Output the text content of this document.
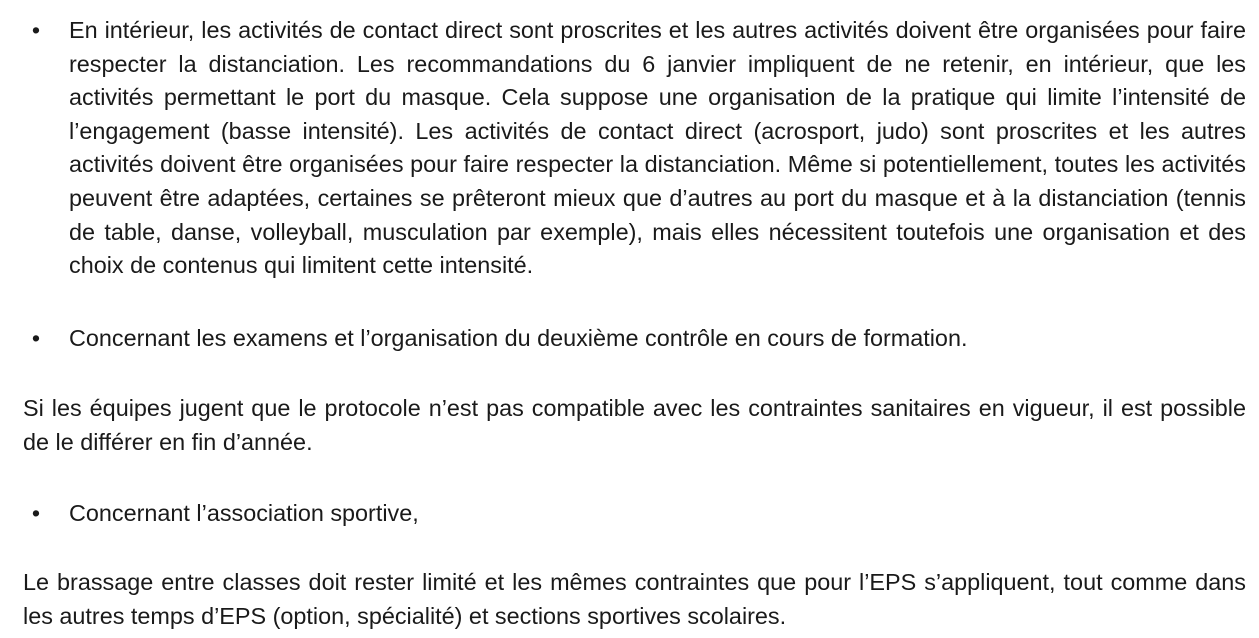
• En intérieur, les activités de contact direct sont proscrites et les autres activités doivent être organisées pour faire respecter la distanciation. Les recommandations du 6 janvier impliquent de ne retenir, en intérieur, que les activités permettant le port du masque. Cela suppose une organisation de la pratique qui limite l’intensité de l’engagement (basse intensité). Les activités de contact direct (acrosport, judo) sont proscrites et les autres activités doivent être organisées pour faire respecter la distanciation. Même si potentiellement, toutes les activités peuvent être adaptées, certaines se prêteront mieux que d’autres au port du masque et à la distanciation (tennis de table, danse, volleyball, musculation par exemple), mais elles nécessitent toutefois une organisation et des choix de contenus qui limitent cette intensité.
• Concernant les examens et l’organisation du deuxième contrôle en cours de formation.

Si les équipes jugent que le protocole n’est pas compatible avec les contraintes sanitaires en vigueur, il est possible de le différer en fin d’année.

• Concernant l’association sportive,

Le brassage entre classes doit rester limité et les mêmes contraintes que pour l’EPS s’appliquent, tout comme dans les autres temps d’EPS (option, spécialité) et sections sportives scolaires.
